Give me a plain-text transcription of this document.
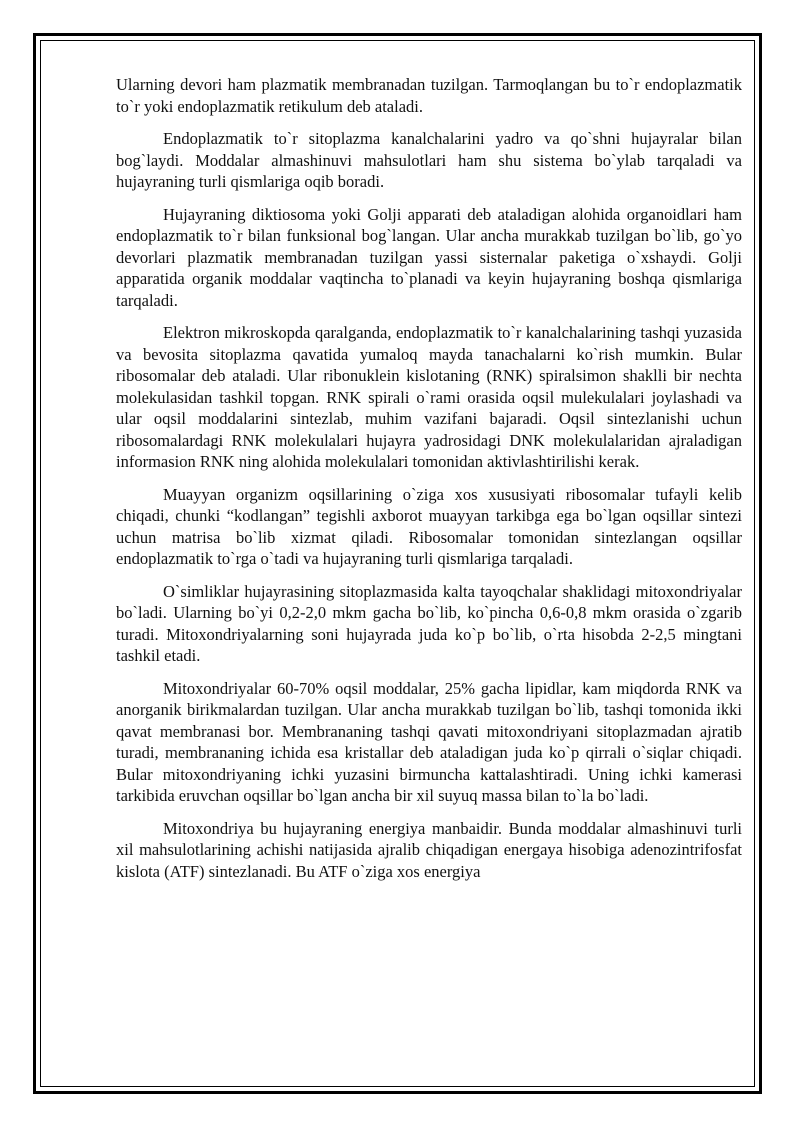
Ularning devori ham plazmatik membranadan tuzilgan. Tarmoqlangan bu to`r endoplazmatik to`r yoki endoplazmatik retikulum deb ataladi.

Endoplazmatik to`r sitoplazma kanalchalarini yadro va qo`shni hujayralar bilan bog`laydi. Moddalar almashinuvi mahsulotlari ham shu sistema bo`ylab tarqaladi va hujayraning turli qismlariga oqib boradi.

Hujayraning diktiosoma yoki Golji apparati deb ataladigan alohida organoidlari ham endoplazmatik to`r bilan funksional bog`langan. Ular ancha murakkab tuzilgan bo`lib, go`yo devorlari plazmatik membranadan tuzilgan yassi sisternalar paketiga o`xshaydi. Golji apparatida organik moddalar vaqtincha to`planadi va keyin hujayraning boshqa qismlariga tarqaladi.

Elektron mikroskopda qaralganda, endoplazmatik to`r kanalchalarining tashqi yuzasida va bevosita sitoplazma qavatida yumaloq mayda tanachalarni ko`rish mumkin. Bular ribosomalar deb ataladi. Ular ribonuklein kislotaning (RNK) spiralsimon shaklli bir nechta molekulasidan tashkil topgan. RNK spirali o`rami orasida oqsil mulekulalari joylashadi va ular oqsil moddalarini sintezlab, muhim vazifani bajaradi. Oqsil sintezlanishi uchun ribosomalardagi RNK molekulalari hujayra yadrosidagi DNK molekulalaridan ajraladigan informasion RNK ning alohida molekulalari tomonidan aktivlashtirilishi kerak.

Muayyan organizm oqsillarining o`ziga xos xususiyati ribosomalar tufayli kelib chiqadi, chunki “kodlangan” tegishli axborot muayyan tarkibga ega bo`lgan oqsillar sintezi uchun matrisa bo`lib xizmat qiladi. Ribosomalar tomonidan sintezlangan oqsillar endoplazmatik to`rga o`tadi va hujayraning turli qismlariga tarqaladi.

O`simliklar hujayrasining sitoplazmasida kalta tayoqchalar shaklidagi mitoxondriyalar bo`ladi. Ularning bo`yi 0,2-2,0 mkm gacha bo`lib, ko`pincha 0,6-0,8 mkm orasida o`zgarib turadi. Mitoxondriyalarning soni hujayrada juda ko`p bo`lib, o`rta hisobda 2-2,5 mingtani tashkil etadi.

Mitoxondriyalar 60-70% oqsil moddalar, 25% gacha lipidlar, kam miqdorda RNK va anorganik birikmalardan tuzilgan. Ular ancha murakkab tuzilgan bo`lib, tashqi tomonida ikki qavat membranasi bor. Membrananing tashqi qavati mitoxondriyani sitoplazmadan ajratib turadi, membrananing ichida esa kristallar deb ataladigan juda ko`p qirrali o`siqlar chiqadi. Bular mitoxondriyaning ichki yuzasini birmuncha kattalashtiradi. Uning ichki kamerasi tarkibida eruvchan oqsillar bo`lgan ancha bir xil suyuq massa bilan to`la bo`ladi.

Mitoxondriya bu hujayraning energiya manbaidir. Bunda moddalar almashinuvi turli xil mahsulotlarining achishi natijasida ajralib chiqadigan energaya hisobiga adenozintrifosfat kislota (ATF) sintezlanadi. Bu ATF o`ziga xos energiya
